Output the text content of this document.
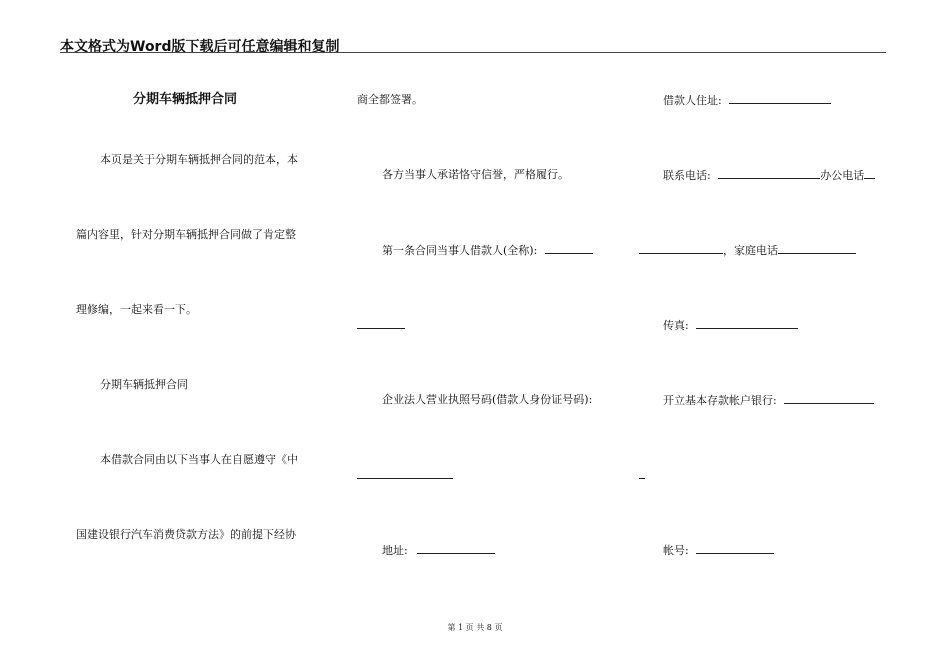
本文格式为Word版下载后可任意编辑和复制
分期车辆抵押合同
本页是关于分期车辆抵押合同的范本，本
篇内容里，针对分期车辆抵押合同做了肯定整
理修编，一起来看一下。
分期车辆抵押合同
本借款合同由以下当事人在自愿遵守《中
国建设银行汽车消费贷款方法》的前提下经协
商全都签署。
各方当事人承诺恪守信誉，严格履行。
第一条合同当事人借款人(全称):
企业法人营业执照号码(借款人身份证号码):
地址:
借款人住址:
联系电话:	办公电话
，家庭电话
传真:
开立基本存款帐户银行:
帐号:
第 1 页 共 8 页
